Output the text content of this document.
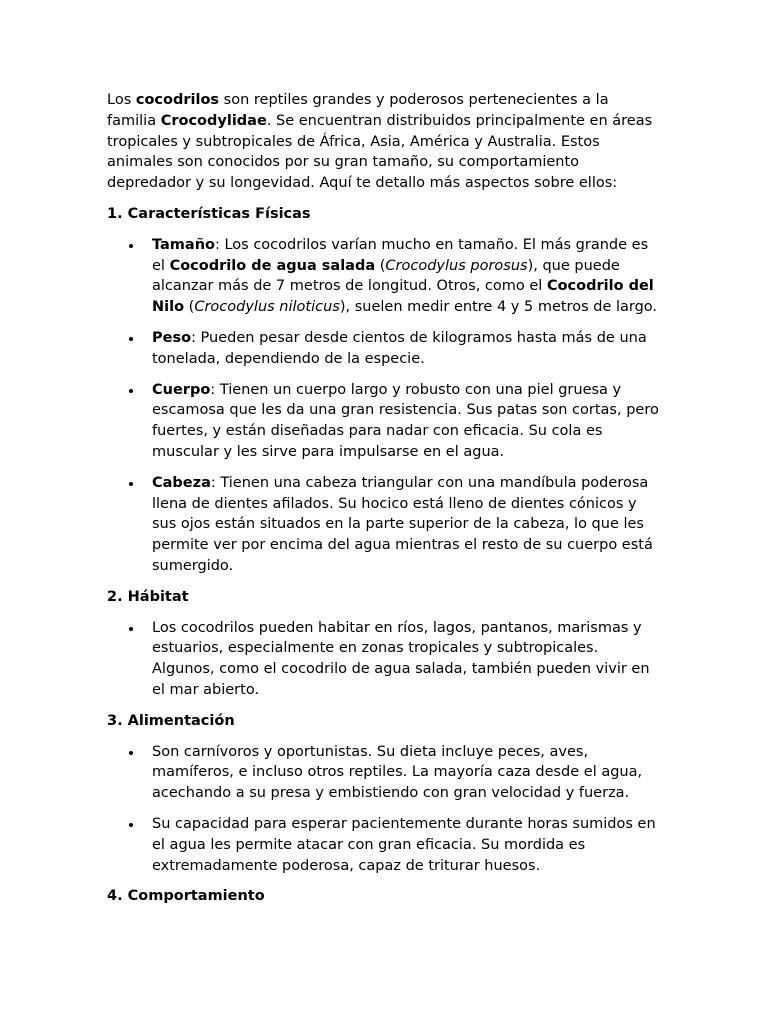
Los cocodrilos son reptiles grandes y poderosos pertenecientes a la familia Crocodylidae. Se encuentran distribuidos principalmente en áreas tropicales y subtropicales de África, Asia, América y Australia. Estos animales son conocidos por su gran tamaño, su comportamiento depredador y su longevidad. Aquí te detallo más aspectos sobre ellos:

1. Características Físicas
Tamaño: Los cocodrilos varían mucho en tamaño. El más grande es el Cocodrilo de agua salada (Crocodylus porosus), que puede alcanzar más de 7 metros de longitud. Otros, como el Cocodrilo del Nilo (Crocodylus niloticus), suelen medir entre 4 y 5 metros de largo.
Peso: Pueden pesar desde cientos de kilogramos hasta más de una tonelada, dependiendo de la especie.
Cuerpo: Tienen un cuerpo largo y robusto con una piel gruesa y escamosa que les da una gran resistencia. Sus patas son cortas, pero fuertes, y están diseñadas para nadar con eficacia. Su cola es muscular y les sirve para impulsarse en el agua.
Cabeza: Tienen una cabeza triangular con una mandíbula poderosa llena de dientes afilados. Su hocico está lleno de dientes cónicos y sus ojos están situados en la parte superior de la cabeza, lo que les permite ver por encima del agua mientras el resto de su cuerpo está sumergido.
2. Hábitat
Los cocodrilos pueden habitar en ríos, lagos, pantanos, marismas y estuarios, especialmente en zonas tropicales y subtropicales. Algunos, como el cocodrilo de agua salada, también pueden vivir en el mar abierto.
3. Alimentación
Son carnívoros y oportunistas. Su dieta incluye peces, aves, mamíferos, e incluso otros reptiles. La mayoría caza desde el agua, acechando a su presa y embistiendo con gran velocidad y fuerza.
Su capacidad para esperar pacientemente durante horas sumidos en el agua les permite atacar con gran eficacia. Su mordida es extremadamente poderosa, capaz de triturar huesos.
4. Comportamiento
